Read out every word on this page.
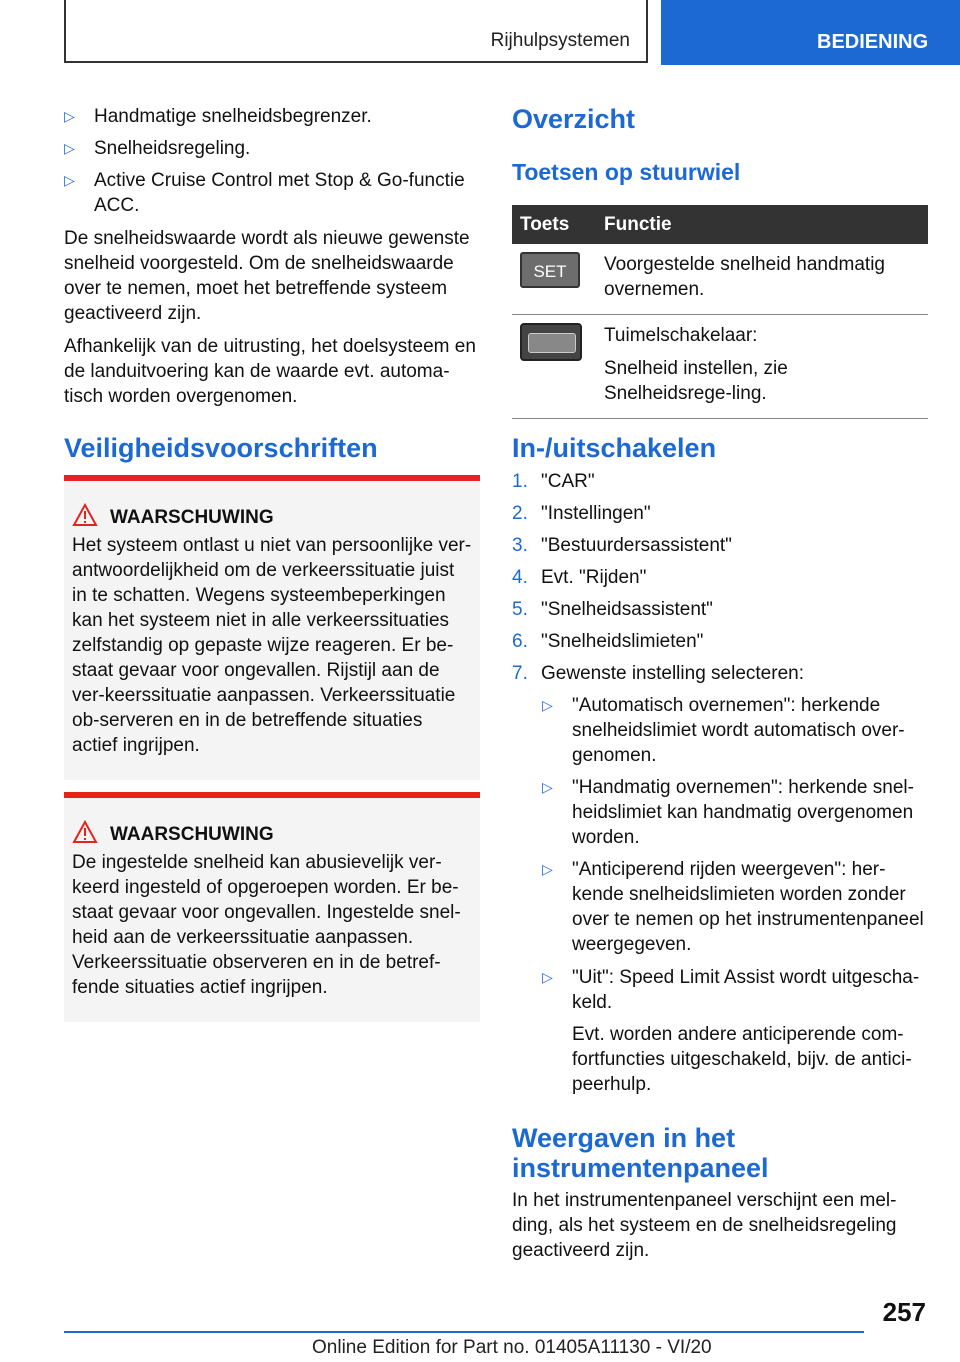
Rijhulpsystemen	BEDIENING
▷ Handmatige snelheidsbegrenzer.
▷ Snelheidsregeling.
▷ Active Cruise Control met Stop & Go-functie ACC.

De snelheidswaarde wordt als nieuwe gewenste snelheid voorgesteld. Om de snelheidswaarde over te nemen, moet het betreffende systeem geactiveerd zijn.

Afhankelijk van de uitrusting, het doelsysteem en de landuitvoering kan de waarde evt. automa-tisch worden overgenomen.

Veiligheidsvoorschriften
WAARSCHUWING
Het systeem ontlast u niet van persoonlijke ver-antwoordelijkheid om de verkeerssituatie juist in te schatten. Wegens systeembeperkingen kan het systeem niet in alle verkeerssituaties zelfstandig op gepaste wijze reageren. Er be-staat gevaar voor ongevallen. Rijstijl aan de ver-keerssituatie aanpassen. Verkeerssituatie ob-serveren en in de betreffende situaties actief ingrijpen.
WAARSCHUWING
De ingestelde snelheid kan abusievelijk ver-keerd ingesteld of opgeroepen worden. Er be-staat gevaar voor ongevallen. Ingestelde snel-heid aan de verkeerssituatie aanpassen. Verkeerssituatie observeren en in de betref-fende situaties actief ingrijpen.
Overzicht
Toetsen op stuurwiel
Toets	Functie

SET	Voorgestelde snelheid handmatig overnemen.

	Tuimelschakelaar:
Snelheid instellen, zie Snelheidsrege-ling.
In-/uitschakelen
1. "CAR"
2. "Instellingen"
3. "Bestuurdersassistent"
4. Evt. "Rijden"
5. "Snelheidsassistent"
6. "Snelheidslimieten"
7. Gewenste instelling selecteren:
▷ "Automatisch overnemen": herkende snelheidslimiet wordt automatisch over-genomen.
▷ "Handmatig overnemen": herkende snel-heidslimiet kan handmatig overgenomen worden.
▷ "Anticiperend rijden weergeven": her-kende snelheidslimieten worden zonder over te nemen op het instrumentenpaneel weergegeven.
▷ "Uit": Speed Limit Assist wordt uitgescha-keld.
Evt. worden andere anticiperende com-fortfuncties uitgeschakeld, bijv. de antici-peerhulp.
Weergaven in het instrumentenpaneel

In het instrumentenpaneel verschijnt een mel-ding, als het systeem en de snelheidsregeling geactiveerd zijn.

257
Online Edition for Part no. 01405A11130 - VI/20
